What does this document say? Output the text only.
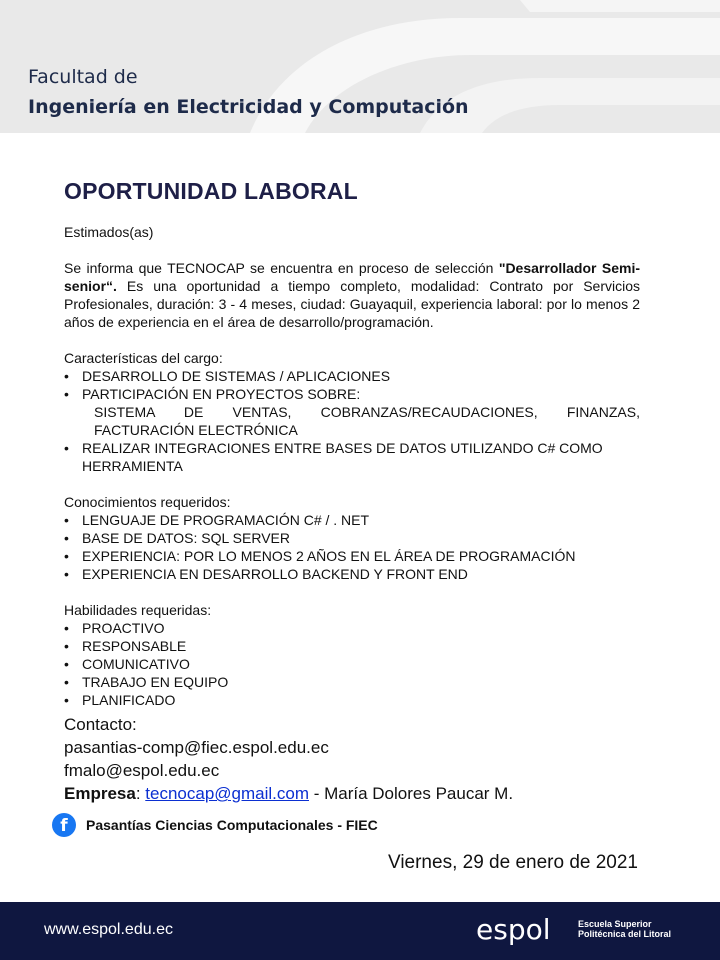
Facultad de
Ingeniería en Electricidad y Computación
OPORTUNIDAD LABORAL
Estimados(as)
Se informa que TECNOCAP se encuentra en proceso de selección "Desarrollador Semi-senior“. Es una oportunidad a tiempo completo, modalidad: Contrato por Servicios Profesionales, duración: 3 - 4 meses, ciudad: Guayaquil, experiencia laboral: por lo menos 2 años de experiencia en el área de desarrollo/programación.
Características del cargo:
• DESARROLLO DE SISTEMAS / APLICACIONES
• PARTICIPACIÓN EN PROYECTOS SOBRE:
SISTEMA DE VENTAS, COBRANZAS/RECAUDACIONES, FINANZAS, FACTURACIÓN ELECTRÓNICA
• REALIZAR INTEGRACIONES ENTRE BASES DE DATOS UTILIZANDO C# COMO HERRAMIENTA
Conocimientos requeridos:
• LENGUAJE DE PROGRAMACIÓN C# / . NET
• BASE DE DATOS: SQL SERVER
• EXPERIENCIA: POR LO MENOS 2 AÑOS EN EL ÁREA DE PROGRAMACIÓN
• EXPERIENCIA EN DESARROLLO BACKEND Y FRONT END
Habilidades requeridas:
• PROACTIVO
• RESPONSABLE
• COMUNICATIVO
• TRABAJO EN EQUIPO
• PLANIFICADO
Contacto:
pasantias-comp@fiec.espol.edu.ec
fmalo@espol.edu.ec
Empresa: tecnocap@gmail.com - María Dolores Paucar M.
f	Pasantías Ciencias Computacionales - FIEC
Viernes, 29 de enero de 2021
www.espol.edu.ec	espol	Escuela Superior
Politécnica del Litoral
